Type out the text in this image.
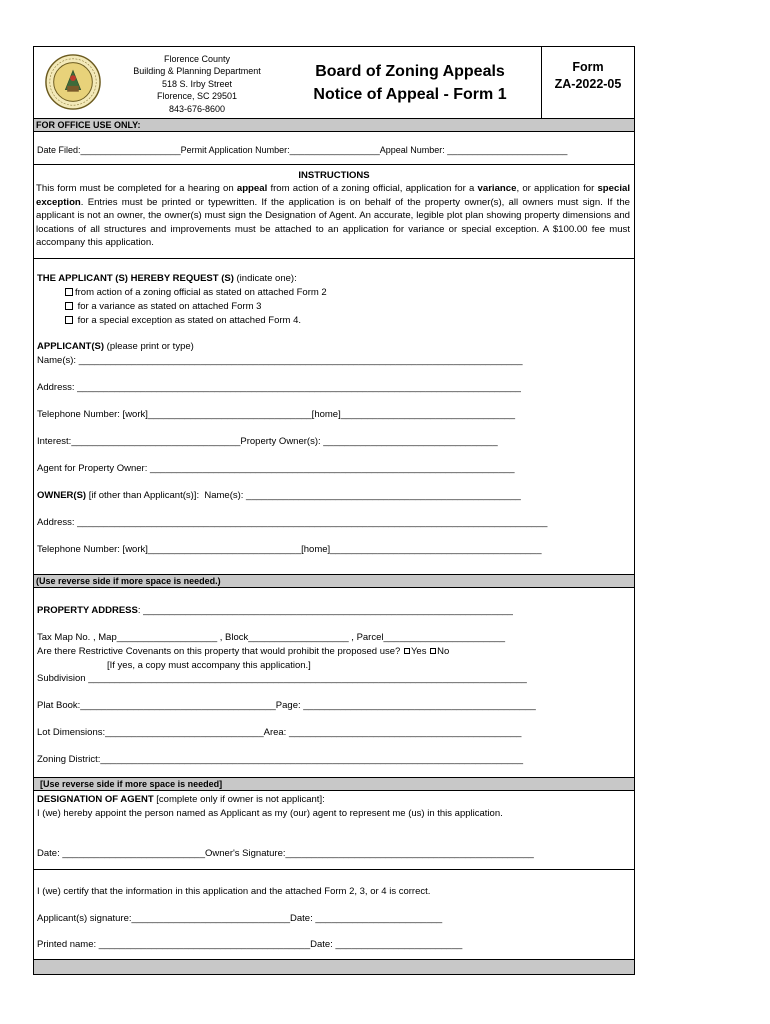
Florence County
Building & Planning Department
518 S. Irby Street
Florence, SC 29501
843-676-8600
Board of Zoning Appeals
Notice of Appeal - Form 1
Form
ZA-2022-05
FOR OFFICE USE ONLY:
Date Filed:____________________Permit Application Number:__________________Appeal Number: ________________________
INSTRUCTIONS
This form must be completed for a hearing on appeal from action of a zoning official, application for a variance, or application for special exception. Entries must be printed or typewritten. If the application is on behalf of the property owner(s), all owners must sign. If the applicant is not an owner, the owner(s) must sign the Designation of Agent. An accurate, legible plot plan showing property dimensions and locations of all structures and improvements must be attached to an application for variance or special exception. A $100.00 fee must accompany this application.
THE APPLICANT (S) HEREBY REQUEST (S) (indicate one):
from action of a zoning official as stated on attached Form 2
for a variance as stated on attached Form 3
for a special exception as stated on attached Form 4.
APPLICANT(S) (please print or type)
Name(s): ____________________________________________________________________________________
Address: ____________________________________________________________________________________
Telephone Number: [work]_______________________________[home]_________________________________
Interest:________________________________Property Owner(s): _________________________________
Agent for Property Owner: _____________________________________________________________________
OWNER(S) [if other than Applicant(s)]:  Name(s): ____________________________________________________
Address: _________________________________________________________________________________________
Telephone Number: [work]_____________________________[home]________________________________________
(Use reverse side if more space is needed.)
PROPERTY ADDRESS: ______________________________________________________________________
Tax Map No. , Map___________________ , Block___________________ , Parcel_______________________
Are there Restrictive Covenants on this property that would prohibit the proposed use? Yes No
[If yes, a copy must accompany this application.]
Subdivision ___________________________________________________________________________________
Plat Book:_____________________________________Page: ____________________________________________
Lot Dimensions:______________________________Area: ____________________________________________
Zoning District:________________________________________________________________________________
[Use reverse side if more space is needed]
DESIGNATION OF AGENT [complete only if owner is not applicant]:
I (we) hereby appoint the person named as Applicant as my (our) agent to represent me (us) in this application.
Date: ___________________________Owner's Signature:_______________________________________________
I (we) certify that the information in this application and the attached Form 2, 3, or 4 is correct.
Applicant(s) signature:______________________________Date: ________________________
Printed name: ________________________________________Date: ________________________
